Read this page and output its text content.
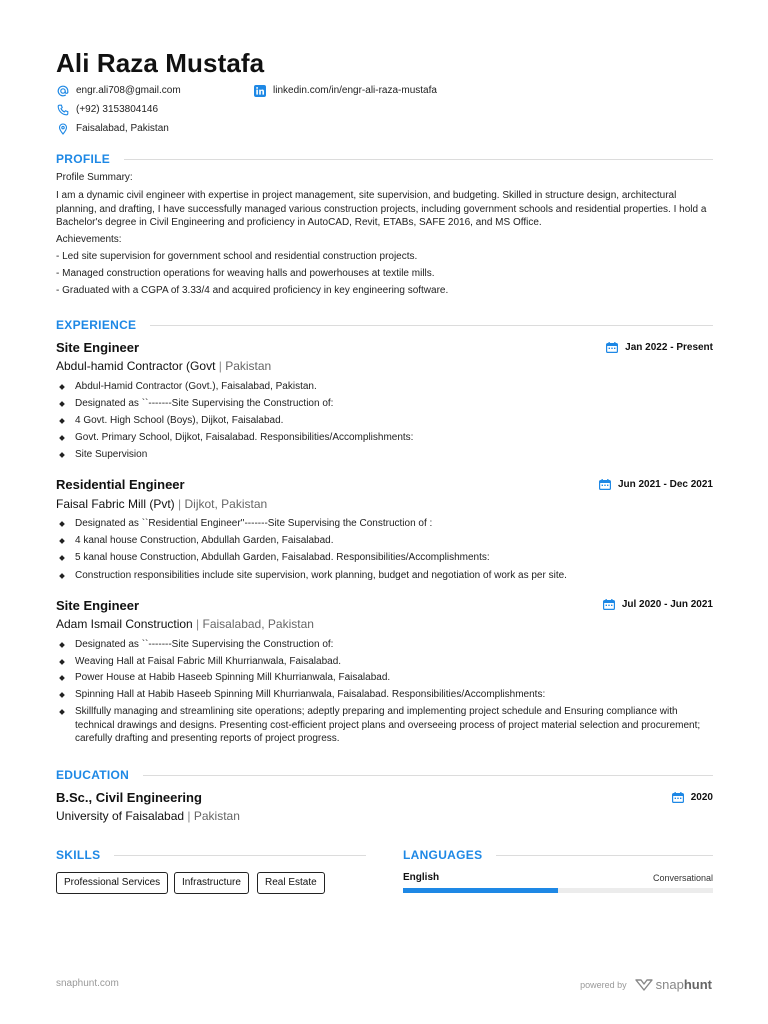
Ali Raza Mustafa
engr.ali708@gmail.com
(+92) 3153804146
Faisalabad, Pakistan
linkedin.com/in/engr-ali-raza-mustafa
PROFILE
Profile Summary:
I am a dynamic civil engineer with expertise in project management, site supervision, and budgeting. Skilled in structure design, architectural planning, and drafting, I have successfully managed various construction projects, including government schools and residential properties. I hold a Bachelor's degree in Civil Engineering and proficiency in AutoCAD, Revit, ETABs, SAFE 2016, and MS Office.
Achievements:
- Led site supervision for government school and residential construction projects.
- Managed construction operations for weaving halls and powerhouses at textile mills.
- Graduated with a CGPA of 3.33/4 and acquired proficiency in key engineering software.
EXPERIENCE
Site Engineer
Abdul-hamid Contractor (Govt | Pakistan
Jan 2022 - Present
Abdul-Hamid Contractor (Govt.), Faisalabad, Pakistan.
Designated as ``-------Site Supervising the Construction of:
4 Govt. High School (Boys), Dijkot, Faisalabad.
Govt. Primary School, Dijkot, Faisalabad. Responsibilities/Accomplishments:
Site Supervision
Residential Engineer
Faisal Fabric Mill (Pvt) | Dijkot, Pakistan
Jun 2021 - Dec 2021
Designated as ``Residential Engineer''-------Site Supervising the Construction of :
4 kanal house Construction, Abdullah Garden, Faisalabad.
5 kanal house Construction, Abdullah Garden, Faisalabad. Responsibilities/Accomplishments:
Construction responsibilities include site supervision, work planning, budget and negotiation of work as per site.
Site Engineer
Adam Ismail Construction | Faisalabad, Pakistan
Jul 2020 - Jun 2021
Designated as ``-------Site Supervising the Construction of:
Weaving Hall at Faisal Fabric Mill Khurrianwala, Faisalabad.
Power House at Habib Haseeb Spinning Mill Khurrianwala, Faisalabad.
Spinning Hall at Habib Haseeb Spinning Mill Khurrianwala, Faisalabad. Responsibilities/Accomplishments:
Skillfully managing and streamlining site operations; adeptly preparing and implementing project schedule and Ensuring compliance with technical drawings and designs. Presenting cost-efficient project plans and overseeing process of project material selection and procurement; carefully drafting and presenting reports of project progress.
EDUCATION
B.Sc., Civil Engineering
University of Faisalabad | Pakistan
2020
SKILLS
Professional Services	Infrastructure	Real Estate
LANGUAGES
English	Conversational
snaphunt.com	powered by snaphunt
